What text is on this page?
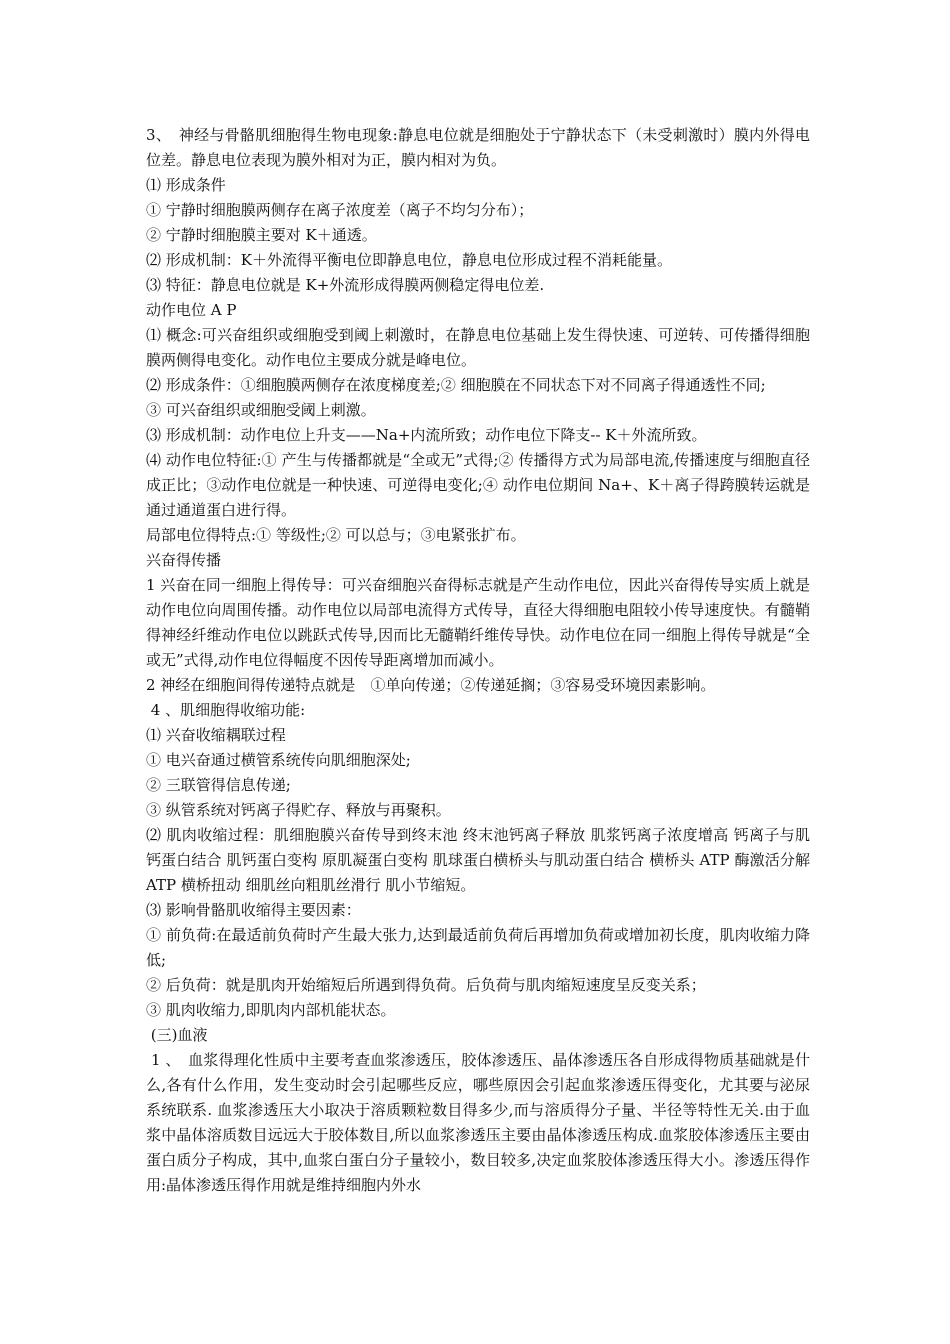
3、　神经与骨骼肌细胞得生物电现象:静息电位就是细胞处于宁静状态下（未受刺激时）膜内外得电位差。静息电位表现为膜外相对为正，膜内相对为负。

⑴ 形成条件

① 宁静时细胞膜两侧存在离子浓度差（离子不均匀分布）；

② 宁静时细胞膜主要对 K＋通透。

⑵ 形成机制：K＋外流得平衡电位即静息电位，静息电位形成过程不消耗能量。

⑶ 特征：静息电位就是 K+外流形成得膜两侧稳定得电位差.

动作电位 A P

⑴ 概念:可兴奋组织或细胞受到阈上刺激时，在静息电位基础上发生得快速、可逆转、可传播得细胞膜两侧得电变化。动作电位主要成分就是峰电位。

⑵ 形成条件：①细胞膜两侧存在浓度梯度差;② 细胞膜在不同状态下对不同离子得通透性不同;

③ 可兴奋组织或细胞受阈上刺激。

⑶ 形成机制：动作电位上升支——Na+内流所致；动作电位下降支-- K＋外流所致。

⑷ 动作电位特征:① 产生与传播都就是“全或无”式得;② 传播得方式为局部电流,传播速度与细胞直径成正比；③动作电位就是一种快速、可逆得电变化;④ 动作电位期间 Na+、K＋离子得跨膜转运就是通过通道蛋白进行得。

局部电位得特点:① 等级性;② 可以总与；③电紧张扩布。

兴奋得传播

1 兴奋在同一细胞上得传导：可兴奋细胞兴奋得标志就是产生动作电位，因此兴奋得传导实质上就是动作电位向周围传播。动作电位以局部电流得方式传导，直径大得细胞电阻较小传导速度快。有髓鞘得神经纤维动作电位以跳跃式传导,因而比无髓鞘纤维传导快。动作电位在同一细胞上得传导就是“全或无”式得,动作电位得幅度不因传导距离增加而减小。

2 神经在细胞间得传递特点就是　①单向传递；②传递延搁；③容易受环境因素影响。

4 、肌细胞得收缩功能:

⑴ 兴奋收缩耦联过程

① 电兴奋通过横管系统传向肌细胞深处;

② 三联管得信息传递;

③ 纵管系统对钙离子得贮存、释放与再聚积。

⑵ 肌肉收缩过程：肌细胞膜兴奋传导到终末池 终末池钙离子释放 肌浆钙离子浓度增高 钙离子与肌钙蛋白结合 肌钙蛋白变构 原肌凝蛋白变构 肌球蛋白横桥头与肌动蛋白结合 横桥头 ATP 酶激活分解 ATP 横桥扭动 细肌丝向粗肌丝滑行 肌小节缩短。

⑶ 影响骨骼肌收缩得主要因素：

① 前负荷:在最适前负荷时产生最大张力,达到最适前负荷后再增加负荷或增加初长度，肌肉收缩力降低;

② 后负荷：就是肌肉开始缩短后所遇到得负荷。后负荷与肌肉缩短速度呈反变关系；

③ 肌肉收缩力,即肌肉内部机能状态。

(三)血液

1 、　血浆得理化性质中主要考查血浆渗透压，胶体渗透压、晶体渗透压各自形成得物质基础就是什么,各有什么作用，发生变动时会引起哪些反应，哪些原因会引起血浆渗透压得变化，尤其要与泌尿系统联系. 血浆渗透压大小取决于溶质颗粒数目得多少,而与溶质得分子量、半径等特性无关.由于血浆中晶体溶质数目远远大于胶体数目,所以血浆渗透压主要由晶体渗透压构成.血浆胶体渗透压主要由蛋白质分子构成，其中,血浆白蛋白分子量较小，数目较多,决定血浆胶体渗透压得大小。渗透压得作用:晶体渗透压得作用就是维持细胞内外水
